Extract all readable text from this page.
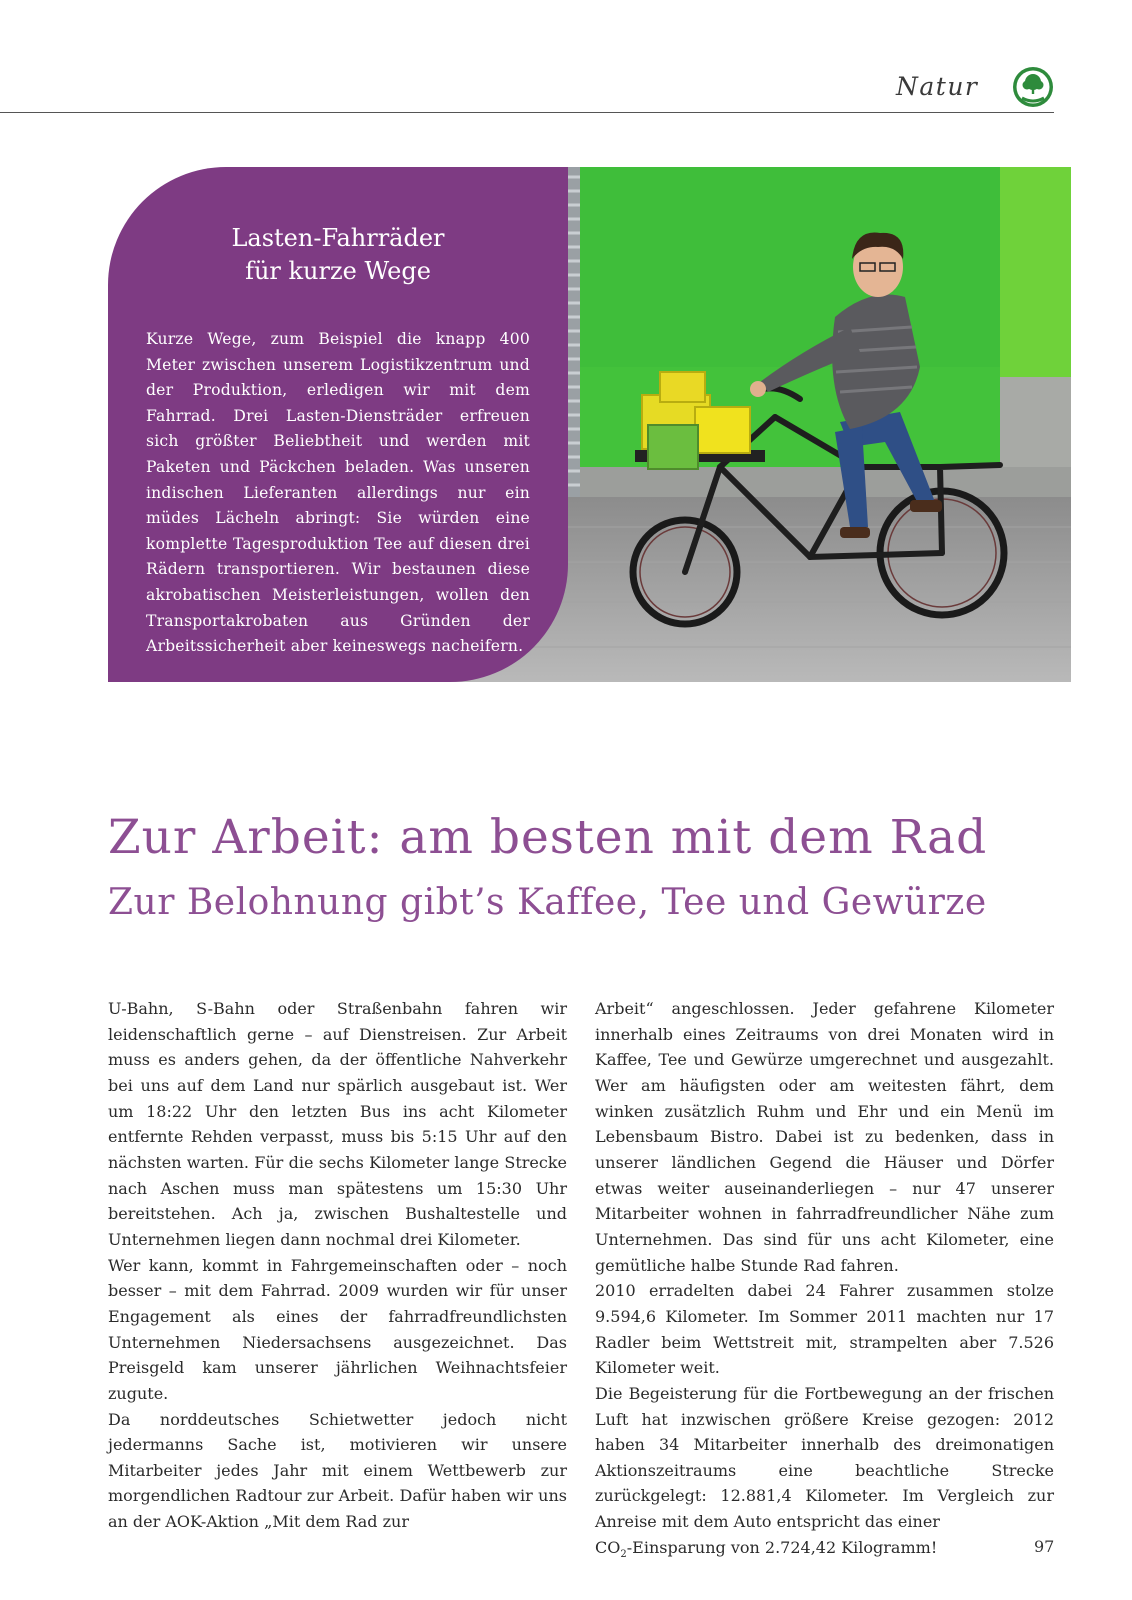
Natur
Lasten-Fahrräder
für kurze Wege
Kurze Wege, zum Beispiel die knapp 400 Meter zwischen unserem Logistikzentrum und der Produktion, erledigen wir mit dem Fahrrad. Drei Lasten-Diensträder erfreuen sich größter Beliebtheit und werden mit Paketen und Päckchen beladen. Was unseren indischen Lieferanten allerdings nur ein müdes Lächeln abringt: Sie würden eine komplette Tagesproduktion Tee auf diesen drei Rädern transportieren. Wir bestaunen diese akrobatischen Meisterleistungen, wollen den Transportakrobaten aus Gründen der Arbeitssicherheit aber keineswegs nacheifern.
Zur Arbeit: am besten mit dem Rad
Zur Belohnung gibt’s Kaffee, Tee und Gewürze

U-Bahn, S-Bahn oder Straßenbahn fahren wir leidenschaftlich gerne – auf Dienstreisen. Zur Arbeit muss es anders gehen, da der öffentliche Nahverkehr bei uns auf dem Land nur spärlich ausgebaut ist. Wer um 18:22 Uhr den letzten Bus ins acht Kilometer entfernte Rehden verpasst, muss bis 5:15 Uhr auf den nächsten warten. Für die sechs Kilometer lange Strecke nach Aschen muss man spätestens um 15:30 Uhr bereitstehen. Ach ja, zwischen Bushaltestelle und Unternehmen liegen dann nochmal drei Kilometer.

Wer kann, kommt in Fahrgemeinschaften oder – noch besser – mit dem Fahrrad. 2009 wurden wir für unser Engagement als eines der fahrradfreundlichsten Unternehmen Niedersachsens ausgezeichnet. Das Preisgeld kam unserer jährlichen Weihnachtsfeier zugute.

Da norddeutsches Schietwetter jedoch nicht jedermanns Sache ist, motivieren wir unsere Mitarbeiter jedes Jahr mit einem Wettbewerb zur morgendlichen Radtour zur Arbeit. Dafür haben wir uns an der AOK-Aktion „Mit dem Rad zur

Arbeit“ angeschlossen. Jeder gefahrene Kilometer innerhalb eines Zeitraums von drei Monaten wird in Kaffee, Tee und Gewürze umgerechnet und ausgezahlt. Wer am häufigsten oder am weitesten fährt, dem winken zusätzlich Ruhm und Ehr und ein Menü im Lebensbaum Bistro. Dabei ist zu bedenken, dass in unserer ländlichen Gegend die Häuser und Dörfer etwas weiter auseinanderliegen – nur 47 unserer Mitarbeiter wohnen in fahrradfreundlicher Nähe zum Unternehmen. Das sind für uns acht Kilometer, eine gemütliche halbe Stunde Rad fahren.

2010 erradelten dabei 24 Fahrer zusammen stolze 9.594,6 Kilometer. Im Sommer 2011 machten nur 17 Radler beim Wettstreit mit, strampelten aber 7.526 Kilometer weit.

Die Begeisterung für die Fortbewegung an der frischen Luft hat inzwischen größere Kreise gezogen: 2012 haben 34 Mitarbeiter innerhalb des dreimonatigen Aktionszeitraums eine beachtliche Strecke zurückgelegt: 12.881,4 Kilometer. Im Vergleich zur Anreise mit dem Auto entspricht das einer

$CO_2$-Einsparung von 2.724,42 Kilogramm!	97
